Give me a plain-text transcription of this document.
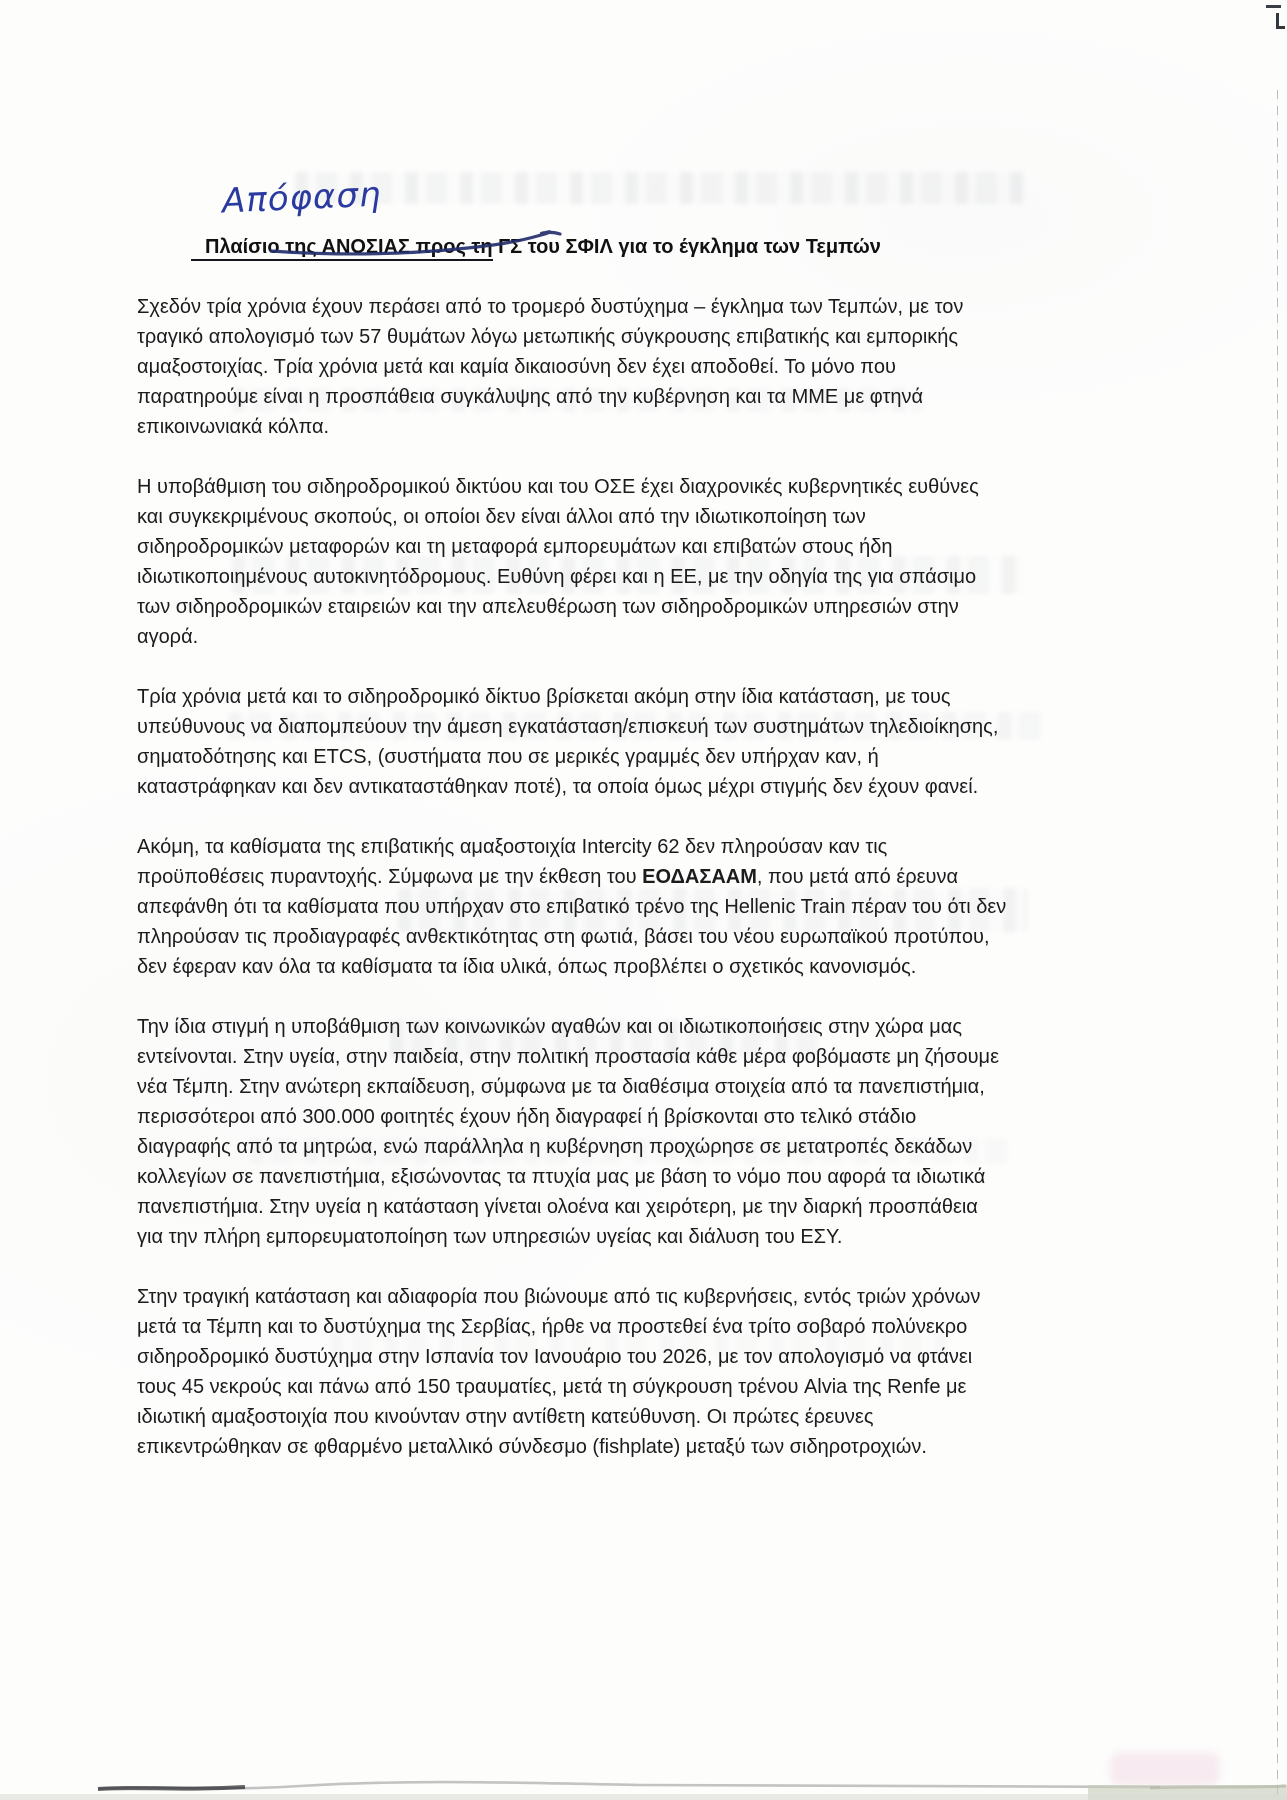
Απόφαση
Πλαίσιο της ΑΝΟΣΙΑΣ προς τη ΓΣ του ΣΦΙΛ για το έγκλημα των Τεμπών

Σχεδόν τρία χρόνια έχουν περάσει από το τρομερό δυστύχημα – έγκλημα των Τεμπών, με τον τραγικό απολογισμό των 57 θυμάτων λόγω μετωπικής σύγκρουσης επιβατικής και εμπορικής αμαξοστοιχίας. Τρία χρόνια μετά και καμία δικαιοσύνη δεν έχει αποδοθεί. Το μόνο που παρατηρούμε είναι η προσπάθεια συγκάλυψης από την κυβέρνηση και τα ΜΜΕ με φτηνά επικοινωνιακά κόλπα.

Η υποβάθμιση του σιδηροδρομικού δικτύου και του ΟΣΕ έχει διαχρονικές κυβερνητικές ευθύνες και συγκεκριμένους σκοπούς, οι οποίοι δεν είναι άλλοι από την ιδιωτικοποίηση των σιδηροδρομικών μεταφορών και τη μεταφορά εμπορευμάτων και επιβατών στους ήδη ιδιωτικοποιημένους αυτοκινητόδρομους. Ευθύνη φέρει και η ΕΕ, με την οδηγία της για σπάσιμο των σιδηροδρομικών εταιρειών και την απελευθέρωση των σιδηροδρομικών υπηρεσιών στην αγορά.

Τρία χρόνια μετά και το σιδηροδρομικό δίκτυο βρίσκεται ακόμη στην ίδια κατάσταση, με τους υπεύθυνους να διαπομπεύουν την άμεση εγκατάσταση/επισκευή των συστημάτων τηλεδιοίκησης, σηματοδότησης και ETCS, (συστήματα που σε μερικές γραμμές δεν υπήρχαν καν, ή καταστράφηκαν και δεν αντικαταστάθηκαν ποτέ), τα οποία όμως μέχρι στιγμής δεν έχουν φανεί.

Ακόμη, τα καθίσματα της επιβατικής αμαξοστοιχία Intercity 62 δεν πληρούσαν καν τις προϋποθέσεις πυραντοχής. Σύμφωνα με την έκθεση του ΕΟΔΑΣΑΑΜ, που μετά από έρευνα απεφάνθη ότι τα καθίσματα που υπήρχαν στο επιβατικό τρένο της Hellenic Train πέραν του ότι δεν πληρούσαν τις προδιαγραφές ανθεκτικότητας στη φωτιά, βάσει του νέου ευρωπαϊκού προτύπου, δεν έφεραν καν όλα τα καθίσματα τα ίδια υλικά, όπως προβλέπει ο σχετικός κανονισμός.

Την ίδια στιγμή η υποβάθμιση των κοινωνικών αγαθών και οι ιδιωτικοποιήσεις στην χώρα μας εντείνονται. Στην υγεία, στην παιδεία, στην πολιτική προστασία κάθε μέρα φοβόμαστε μη ζήσουμε νέα Τέμπη. Στην ανώτερη εκπαίδευση, σύμφωνα με τα διαθέσιμα στοιχεία από τα πανεπιστήμια, περισσότεροι από 300.000 φοιτητές έχουν ήδη διαγραφεί ή βρίσκονται στο τελικό στάδιο διαγραφής από τα μητρώα, ενώ παράλληλα η κυβέρνηση προχώρησε σε μετατροπές δεκάδων κολλεγίων σε πανεπιστήμια, εξισώνοντας τα πτυχία μας με βάση το νόμο που αφορά τα ιδιωτικά πανεπιστήμια. Στην υγεία η κατάσταση γίνεται ολοένα και χειρότερη, με την διαρκή προσπάθεια για την πλήρη εμπορευματοποίηση των υπηρεσιών υγείας και διάλυση του ΕΣΥ.

Στην τραγική κατάσταση και αδιαφορία που βιώνουμε από τις κυβερνήσεις, εντός τριών χρόνων μετά τα Τέμπη και το δυστύχημα της Σερβίας, ήρθε να προστεθεί ένα τρίτο σοβαρό πολύνεκρο σιδηροδρομικό δυστύχημα στην Ισπανία τον Ιανουάριο του 2026, με τον απολογισμό να φτάνει τους 45 νεκρούς και πάνω από 150 τραυματίες, μετά τη σύγκρουση τρένου Alvia της Renfe με ιδιωτική αμαξοστοιχία που κινούνταν στην αντίθετη κατεύθυνση. Οι πρώτες έρευνες επικεντρώθηκαν σε φθαρμένο μεταλλικό σύνδεσμο (fishplate) μεταξύ των σιδηροτροχιών.
